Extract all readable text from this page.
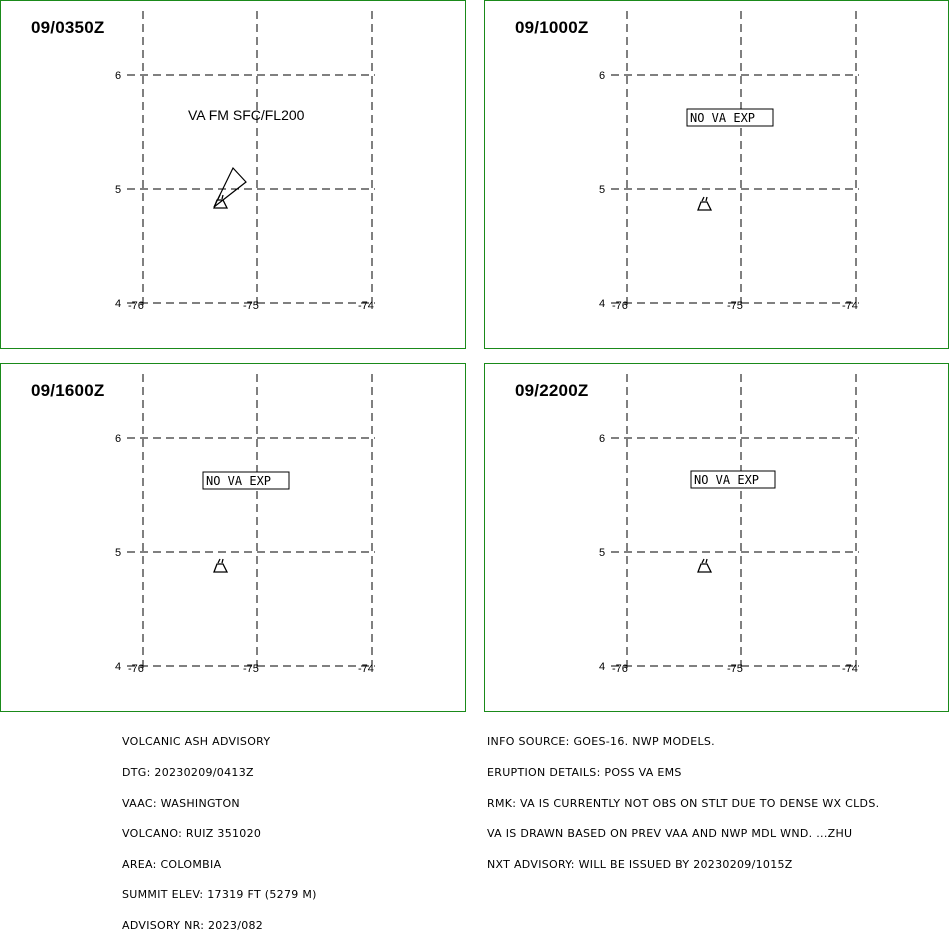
6
5
4 -76	-75	-74
VA FM SFC/FL200
09/0350Z
6
5
4 -76	-75	-74
NO VA EXP
09/1000Z
6
5
4 -76	-75	-74
NO VA EXP
09/1600Z
6
5
4 -76	-75	-74
NO VA EXP
09/2200Z

VOLCANIC ASH ADVISORY

DTG: 20230209/0413Z

VAAC: WASHINGTON

VOLCANO: RUIZ 351020

AREA: COLOMBIA

SUMMIT ELEV: 17319 FT (5279 M)

ADVISORY NR: 2023/082

INFO SOURCE: GOES-16. NWP MODELS.

ERUPTION DETAILS: POSS VA EMS

RMK: VA IS CURRENTLY NOT OBS ON STLT DUE TO DENSE WX CLDS.

VA IS DRAWN BASED ON PREV VAA AND NWP MDL WND. ...ZHU

NXT ADVISORY: WILL BE ISSUED BY 20230209/1015Z
